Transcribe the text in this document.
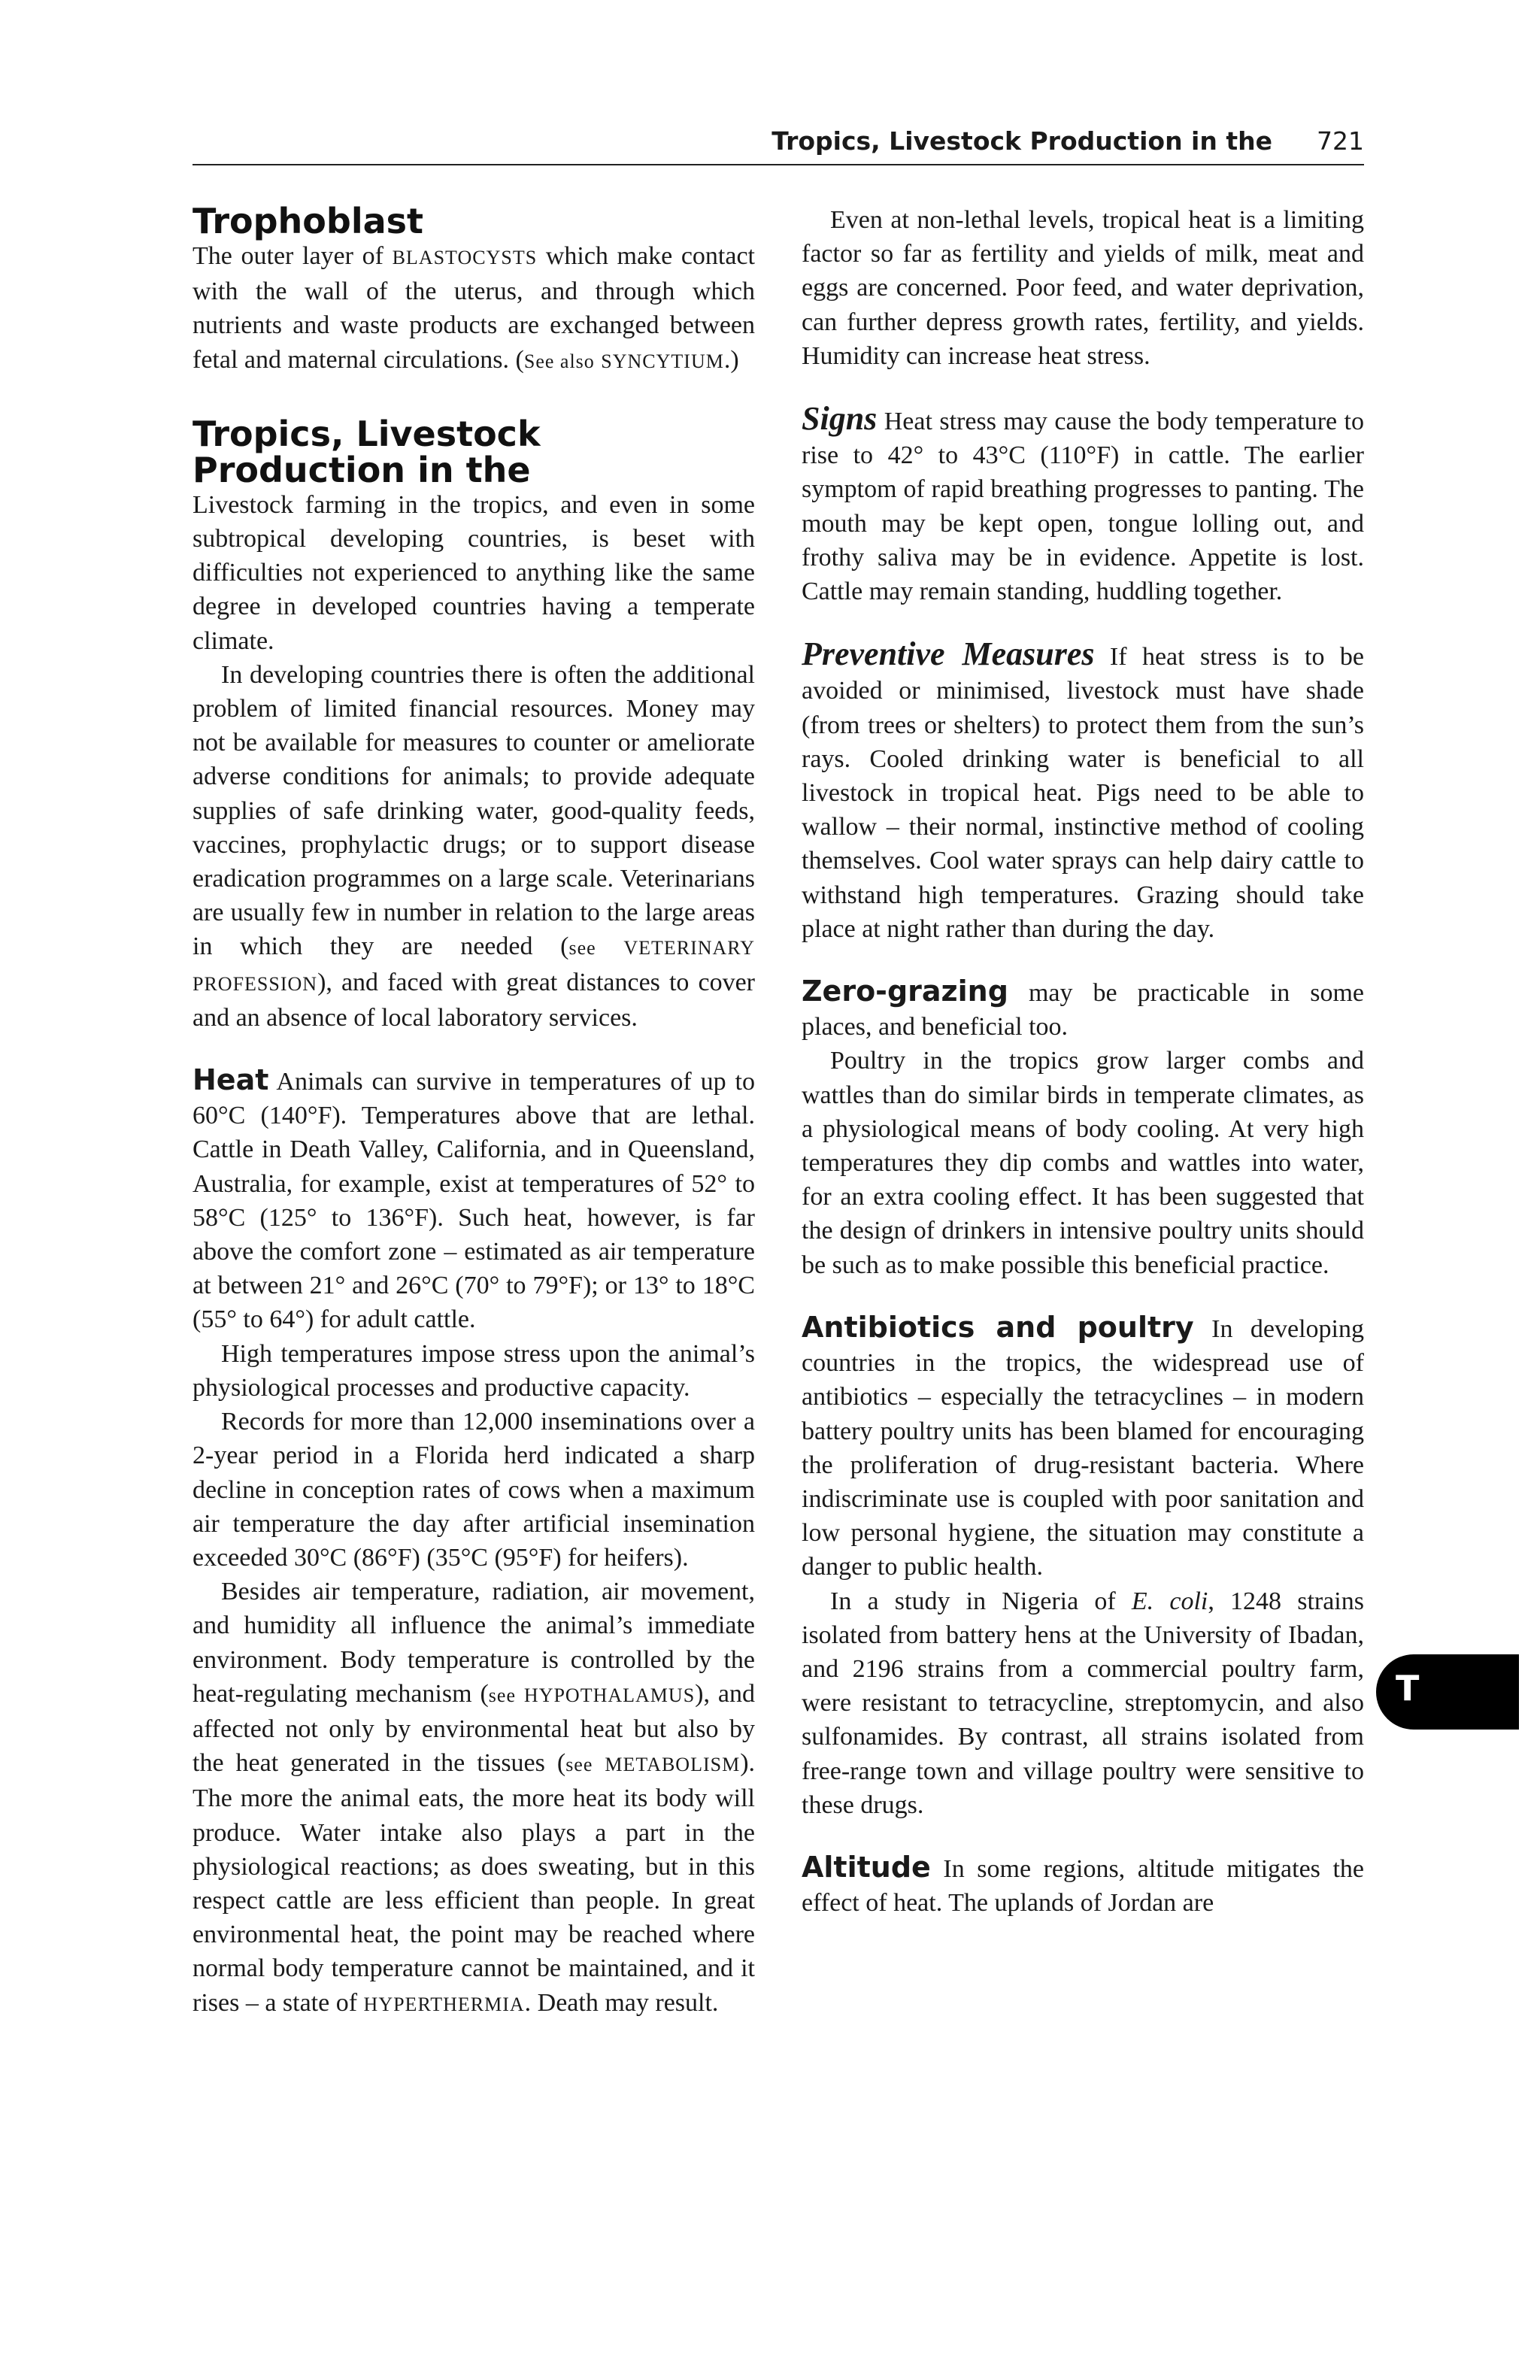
Tropics, Livestock Production in the 721
Trophoblast

The outer layer of BLASTOCYSTS which make contact with the wall of the uterus, and through which nutrients and waste products are exchanged between fetal and maternal circulations. (See also SYNCYTIUM.)

Tropics, Livestock Production in the

Livestock farming in the tropics, and even in some subtropical developing countries, is beset with difficulties not experienced to anything like the same degree in developed countries having a temperate climate.

In developing countries there is often the additional problem of limited financial resources. Money may not be available for measures to counter or ameliorate adverse conditions for animals; to provide adequate supplies of safe drinking water, good-quality feeds, vaccines, prophylactic drugs; or to support disease eradication programmes on a large scale. Veterinarians are usually few in number in relation to the large areas in which they are needed (see VETERINARY PROFESSION), and faced with great distances to cover and an absence of local laboratory services.

Heat Animals can survive in temperatures of up to 60°C (140°F). Temperatures above that are lethal. Cattle in Death Valley, California, and in Queensland, Australia, for example, exist at temperatures of 52° to 58°C (125° to 136°F). Such heat, however, is far above the comfort zone – estimated as air temperature at between 21° and 26°C (70° to 79°F); or 13° to 18°C (55° to 64°) for adult cattle.

High temperatures impose stress upon the animal’s physiological processes and productive capacity.

Records for more than 12,000 inseminations over a 2-year period in a Florida herd indicated a sharp decline in conception rates of cows when a maximum air temperature the day after artificial insemination exceeded 30°C (86°F) (35°C (95°F) for heifers).

Besides air temperature, radiation, air movement, and humidity all influence the animal’s immediate environment. Body temperature is controlled by the heat-regulating mechanism (see HYPOTHALAMUS), and affected not only by environmental heat but also by the heat generated in the tissues (see METABOLISM). The more the animal eats, the more heat its body will produce. Water intake also plays a part in the physiological reactions; as does sweating, but in this respect cattle are less efficient than people. In great environmental heat, the point may be reached where normal body temperature cannot be maintained, and it rises – a state of HYPERTHERMIA. Death may result.

Even at non-lethal levels, tropical heat is a limiting factor so far as fertility and yields of milk, meat and eggs are concerned. Poor feed, and water deprivation, can further depress growth rates, fertility, and yields. Humidity can increase heat stress.

Signs Heat stress may cause the body temperature to rise to 42° to 43°C (110°F) in cattle. The earlier symptom of rapid breathing progresses to panting. The mouth may be kept open, tongue lolling out, and frothy saliva may be in evidence. Appetite is lost. Cattle may remain standing, huddling together.

Preventive Measures If heat stress is to be avoided or minimised, livestock must have shade (from trees or shelters) to protect them from the sun’s rays. Cooled drinking water is beneficial to all livestock in tropical heat. Pigs need to be able to wallow – their normal, instinctive method of cooling themselves. Cool water sprays can help dairy cattle to withstand high temperatures. Grazing should take place at night rather than during the day.

Zero-grazing may be practicable in some places, and beneficial too.

Poultry in the tropics grow larger combs and wattles than do similar birds in temperate climates, as a physiological means of body cooling. At very high temperatures they dip combs and wattles into water, for an extra cooling effect. It has been suggested that the design of drinkers in intensive poultry units should be such as to make possible this beneficial practice.

Antibiotics and poultry In developing countries in the tropics, the widespread use of antibiotics – especially the tetracyclines – in modern battery poultry units has been blamed for encouraging the proliferation of drug-resistant bacteria. Where indiscriminate use is coupled with poor sanitation and low personal hygiene, the situation may constitute a danger to public health.

In a study in Nigeria of E. coli, 1248 strains isolated from battery hens at the University of Ibadan, and 2196 strains from a commercial poultry farm, were resistant to tetracycline, streptomycin, and also sulfonamides. By contrast, all strains isolated from free-range town and village poultry were sensitive to these drugs.

Altitude In some regions, altitude mitigates the effect of heat. The uplands of Jordan are

T
